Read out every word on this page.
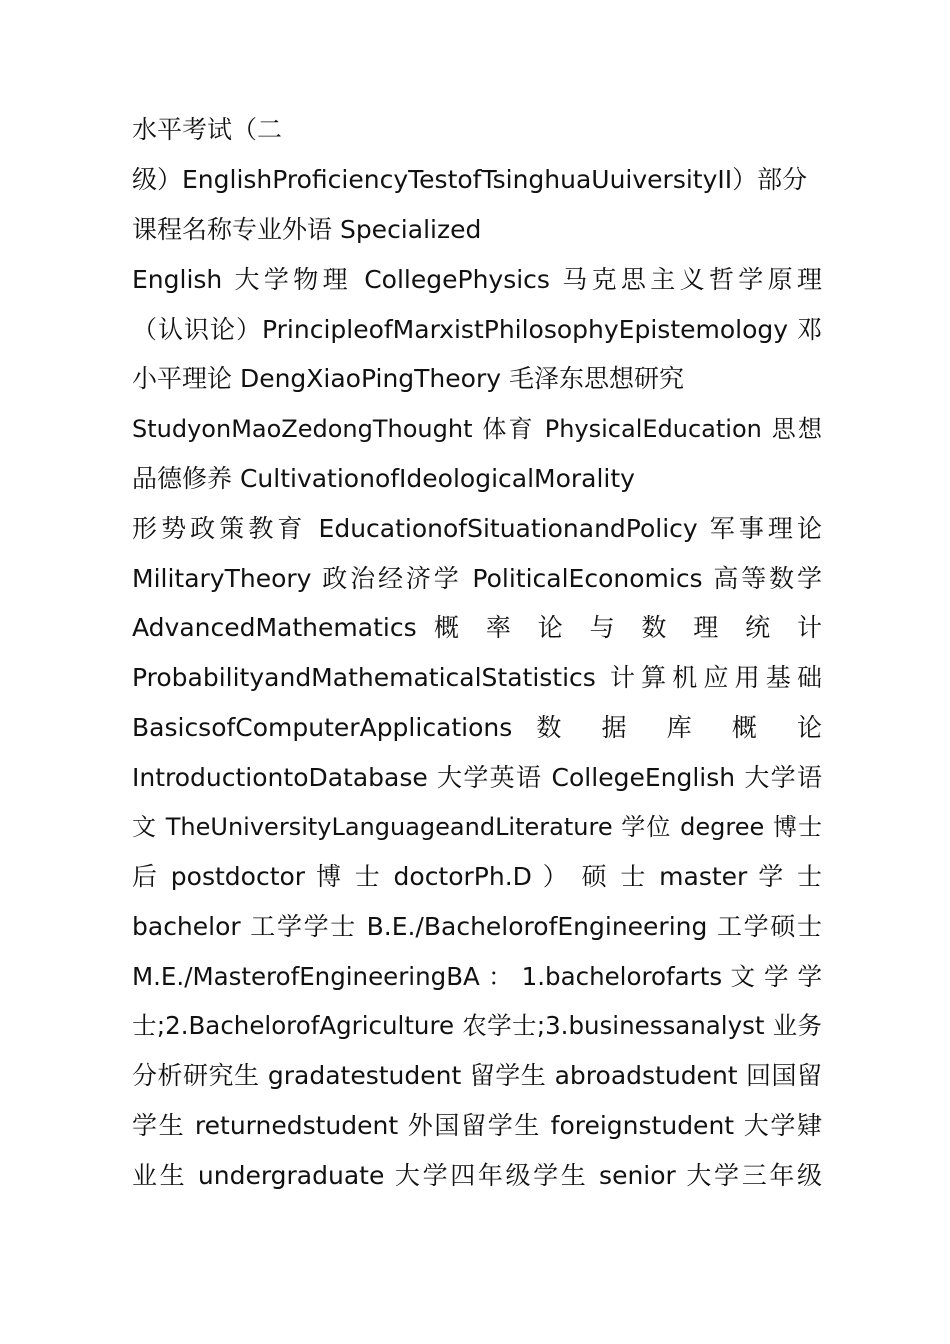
水平考试（二
级）EnglishProficiencyTestofTsinghuaUuiversityII）部分
课程名称专业外语 Specialized
English 大学物理 CollegePhysics 马克思主义哲学原理
（认识论）PrincipleofMarxistPhilosophyEpistemology 邓
小平理论 DengXiaoPingTheory 毛泽东思想研究
StudyonMaoZedongThought 体育 PhysicalEducation 思想
品德修养 CultivationofIdeologicalMorality
形势政策教育 EducationofSituationandPolicy 军事理论
MilitaryTheory 政治经济学 PoliticalEconomics 高等数学
AdvancedMathematics 概 率 论 与 数 理 统 计
ProbabilityandMathematicalStatistics 计算机应用基础
BasicsofComputerApplications 数 据 库 概 论
IntroductiontoDatabase 大学英语 CollegeEnglish 大学语
文 TheUniversityLanguageandLiterature 学位 degree 博士
后 postdoctor 博 士 doctorPh.D ） 硕 士 master 学 士
bachelor 工学学士 B.E./BachelorofEngineering 工学硕士
M.E./MasterofEngineeringBA ： 1.bachelorofarts 文 学 学
士;2.BachelorofAgriculture 农学士;3.businessanalyst 业务
分析研究生 gradatestudent 留学生 abroadstudent 回国留
学生 returnedstudent 外国留学生 foreignstudent 大学肄
业生 undergraduate 大学四年级学生 senior 大学三年级
